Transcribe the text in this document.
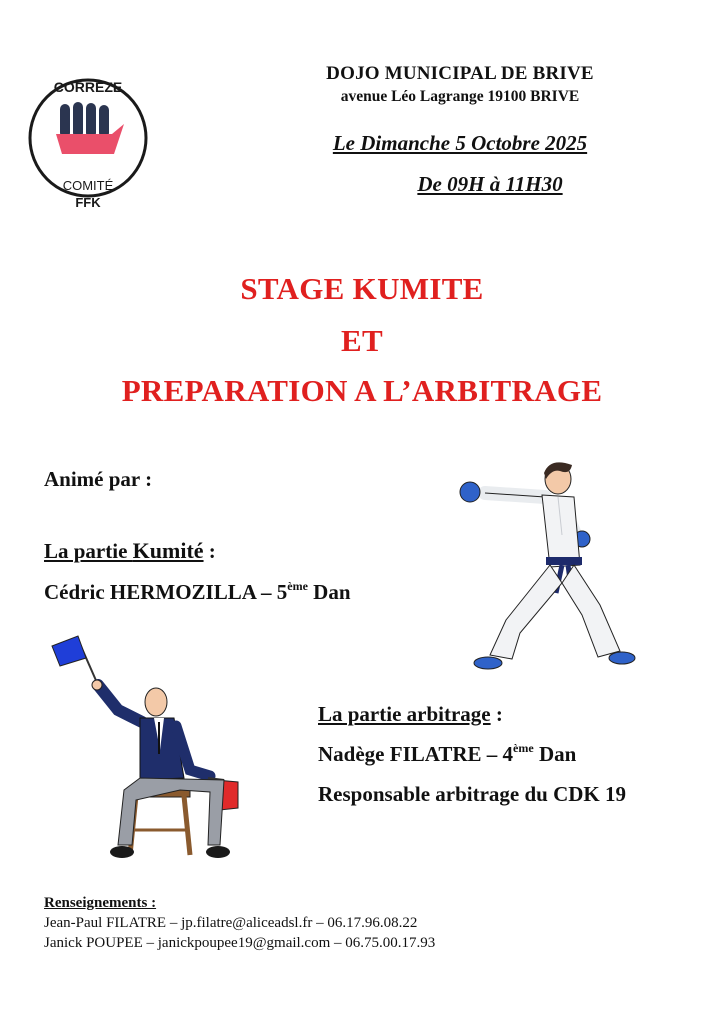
CORRÈZE
COMITÉ
FFK
DOJO MUNICIPAL DE BRIVE
avenue Léo Lagrange 19100 BRIVE
Le Dimanche 5 Octobre 2025
De 09H à 11H30
STAGE KUMITE
ET
PREPARATION A L’ARBITRAGE
Animé par :
La partie Kumité :
Cédric HERMOZILLA – 5ème Dan
La partie arbitrage :
Nadège FILATRE – 4ème Dan
Responsable arbitrage du CDK 19
Renseignements :
Jean-Paul FILATRE – jp.filatre@aliceadsl.fr – 06.17.96.08.22
Janick POUPEE – janickpoupee19@gmail.com – 06.75.00.17.93
